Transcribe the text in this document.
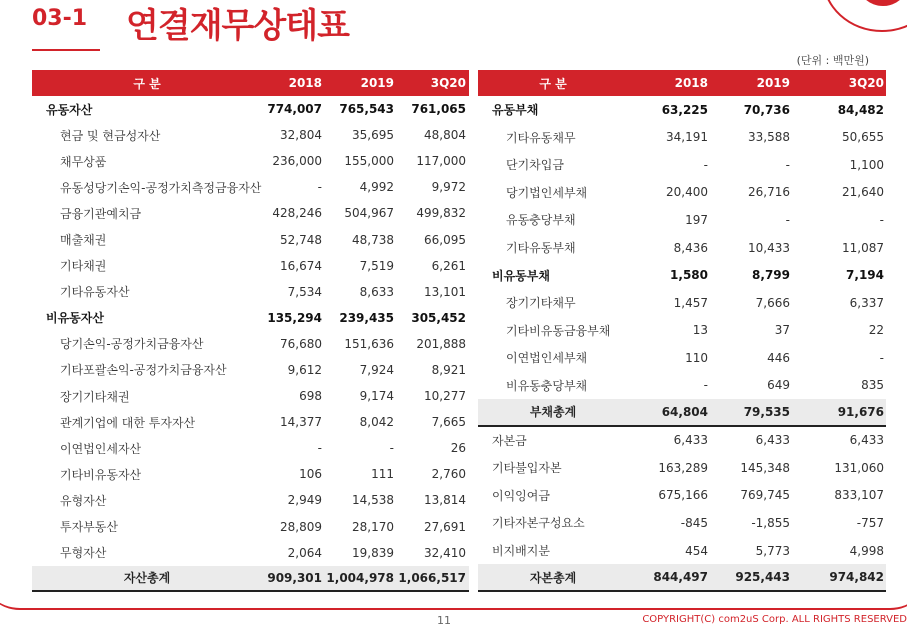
03-1 연결재무상태표
(단위 : 백만원)
구 분	2018	2019	3Q20
유동자산	774,007	765,543	761,065
현금 및 현금성자산	32,804	35,695	48,804
채무상품	236,000	155,000	117,000
유동성당기손익-공정가치측정금융자산	-	4,992	9,972
금융기관예치금	428,246	504,967	499,832
매출채권	52,748	48,738	66,095
기타채권	16,674	7,519	6,261
기타유동자산	7,534	8,633	13,101
비유동자산	135,294	239,435	305,452
당기손익-공정가치금융자산	76,680	151,636	201,888
기타포괄손익-공정가치금융자산	9,612	7,924	8,921
장기기타채권	698	9,174	10,277
관계기업에 대한 투자자산	14,377	8,042	7,665
이연법인세자산	-	-	26
기타비유동자산	106	111	2,760
유형자산	2,949	14,538	13,814
투자부동산	28,809	28,170	27,691
무형자산	2,064	19,839	32,410
자산총계	909,301 1,004,978 1,066,517
구 분	2018	2019	3Q20
유동부채	63,225	70,736	84,482
기타유동채무	34,191	33,588	50,655
단기차입금	-	-	1,100
당기법인세부채	20,400	26,716	21,640
유동충당부채	197	-	-
기타유동부채	8,436	10,433	11,087
비유동부채	1,580	8,799	7,194
장기기타채무	1,457	7,666	6,337
기타비유동금융부채	13	37	22
이연법인세부채	110	446	-
비유동충당부채	-	649	835
부채총계	64,804	79,535	91,676
자본금	6,433	6,433	6,433
기타불입자본	163,289	145,348	131,060
이익잉여금	675,166	769,745	833,107
기타자본구성요소	-845	-1,855	-757
비지배지분	454	5,773	4,998
자본총계	844,497	925,443	974,842
11	COPYRIGHT(C) com2uS Corp. ALL RIGHTS RESERVED
